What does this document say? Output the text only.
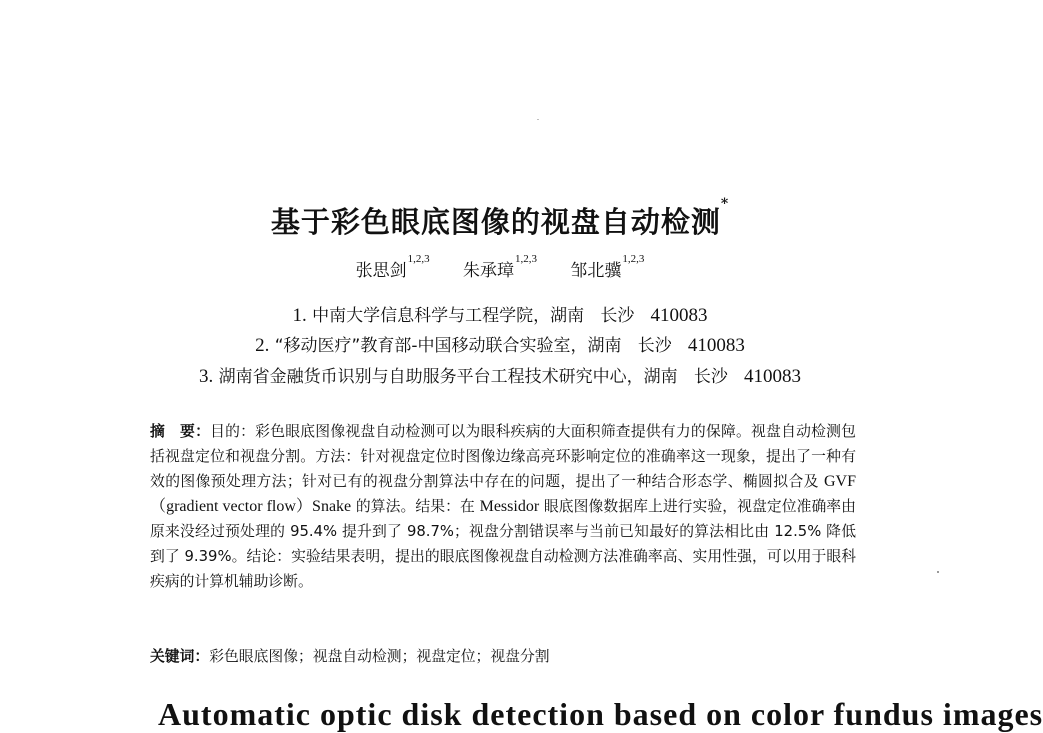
基于彩色眼底图像的视盘自动检测*
张思剑$^{1,2,3}$ 朱承璋$^{1,2,3}$ 邹北骥$^{1,2,3}$
1. 中南大学信息科学与工程学院，湖南 长沙 410083
2. “移动医疗”教育部-中国移动联合实验室，湖南 长沙 410083
3. 湖南省金融货币识别与自助服务平台工程技术研究中心，湖南 长沙 410083
摘　要：目的：彩色眼底图像视盘自动检测可以为眼科疾病的大面积筛查提供有力的保障。视盘自动检测包括视盘定位和视盘分割。方法：针对视盘定位时图像边缘高亮环影响定位的准确率这一现象，提出了一种有效的图像预处理方法；针对已有的视盘分割算法中存在的问题，提出了一种结合形态学、椭圆拟合及 GVF（gradient vector flow）Snake 的算法。结果：在 Messidor 眼底图像数据库上进行实验，视盘定位准确率由原来没经过预处理的 95.4% 提升到了 98.7%；视盘分割错误率与当前已知最好的算法相比由 12.5% 降低到了 9.39%。结论：实验结果表明，提出的眼底图像视盘自动检测方法准确率高、实用性强，可以用于眼科疾病的计算机辅助诊断。
关键词：彩色眼底图像；视盘自动检测；视盘定位；视盘分割
Automatic optic disk detection based on color fundus images
